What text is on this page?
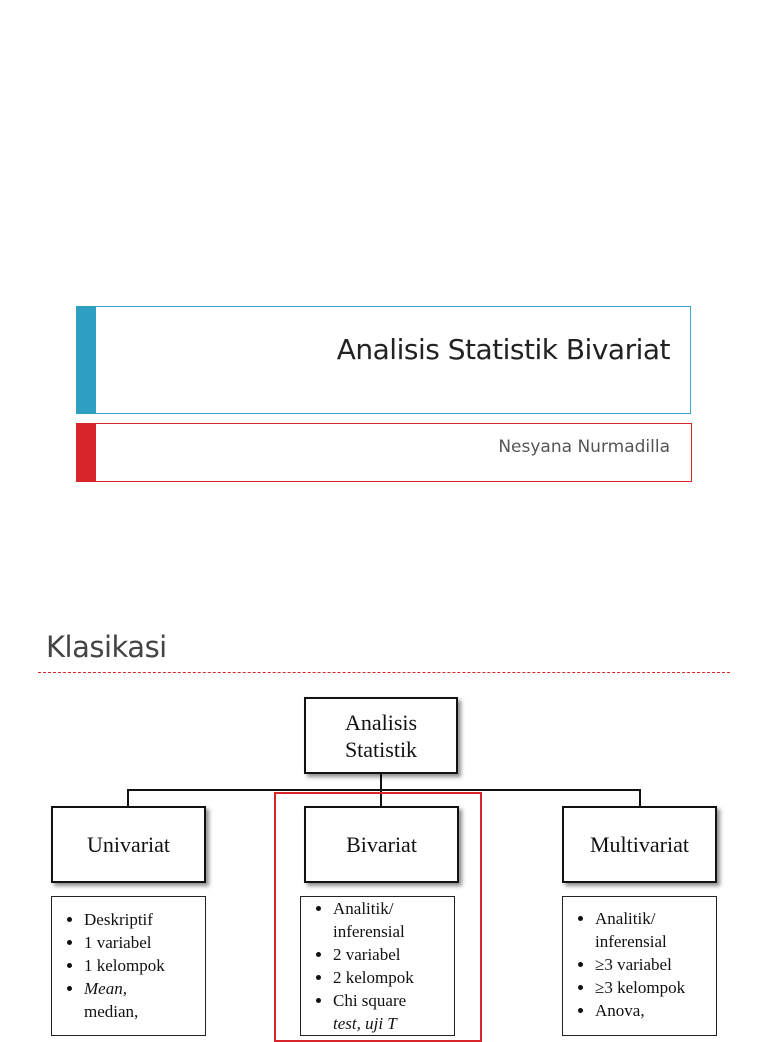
Analisis Statistik Bivariat
Nesyana Nurmadilla
Klasikasi
Analisis
Statistik
Univariat	Bivariat	Multivariat
• Deskriptif
• 1 variabel
• 1 kelompok
• Mean,
median,
• Analitik/ inferensial
• 2 variabel
• 2 kelompok
• Chi square
test, uji T
• Analitik/ inferensial
• ≥3 variabel
• ≥3 kelompok
• Anova,
